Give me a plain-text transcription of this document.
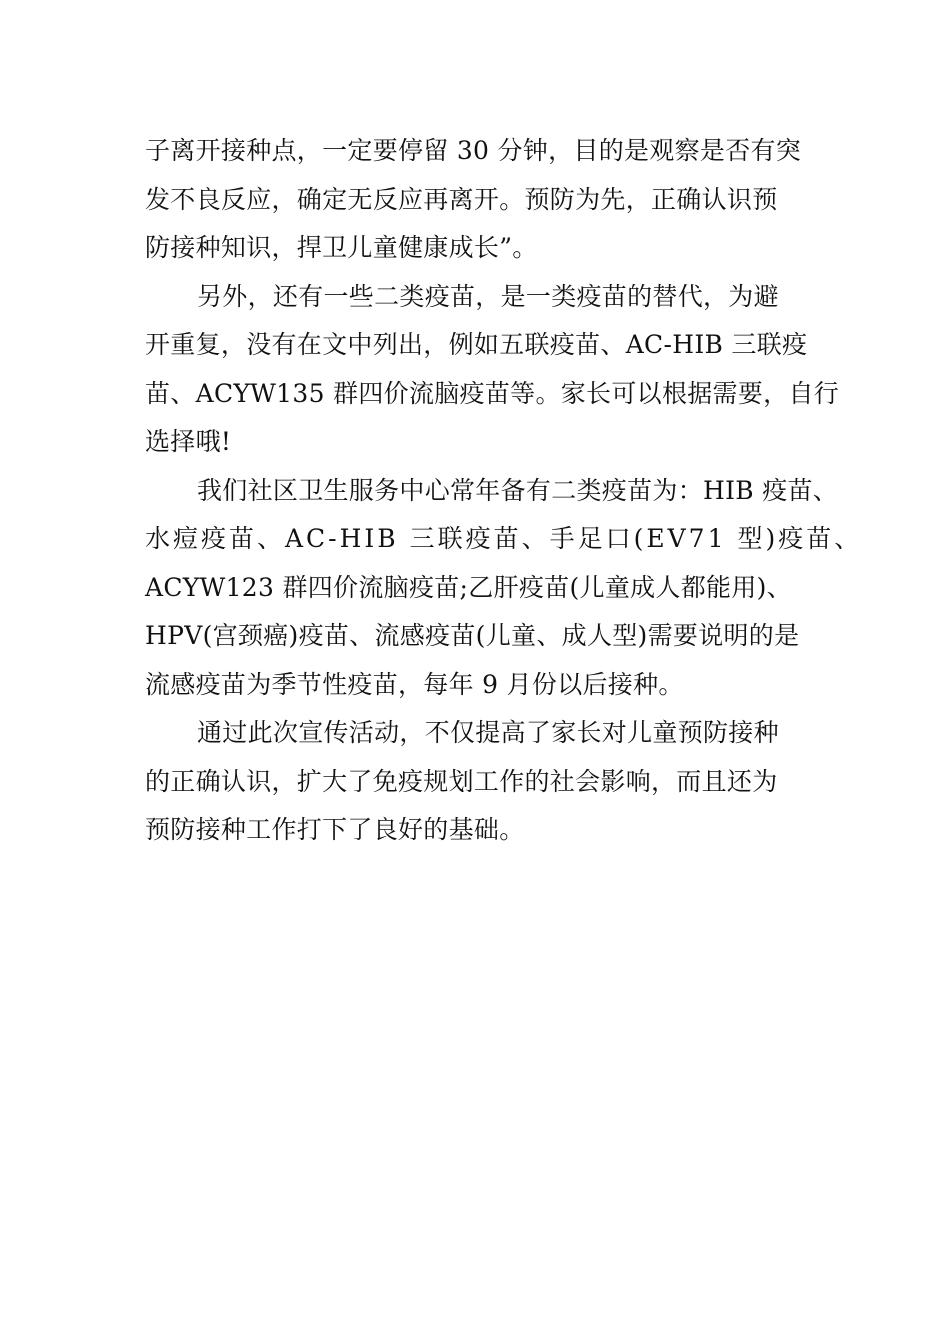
子离开接种点，一定要停留 30 分钟，目的是观察是否有突
发不良反应，确定无反应再离开。预防为先，正确认识预
防接种知识，捍卫儿童健康成长”。

另外，还有一些二类疫苗，是一类疫苗的替代，为避
开重复，没有在文中列出，例如五联疫苗、AC-HIB 三联疫
苗、ACYW135 群四价流脑疫苗等。家长可以根据需要，自行
选择哦!

我们社区卫生服务中心常年备有二类疫苗为：HIB 疫苗、
水痘疫苗、AC-HIB 三联疫苗、手足口(EV71 型)疫苗、
ACYW123 群四价流脑疫苗;乙肝疫苗(儿童成人都能用)、
HPV(宫颈癌)疫苗、流感疫苗(儿童、成人型)需要说明的是
流感疫苗为季节性疫苗，每年 9 月份以后接种。

通过此次宣传活动，不仅提高了家长对儿童预防接种
的正确认识，扩大了免疫规划工作的社会影响，而且还为
预防接种工作打下了良好的基础。
